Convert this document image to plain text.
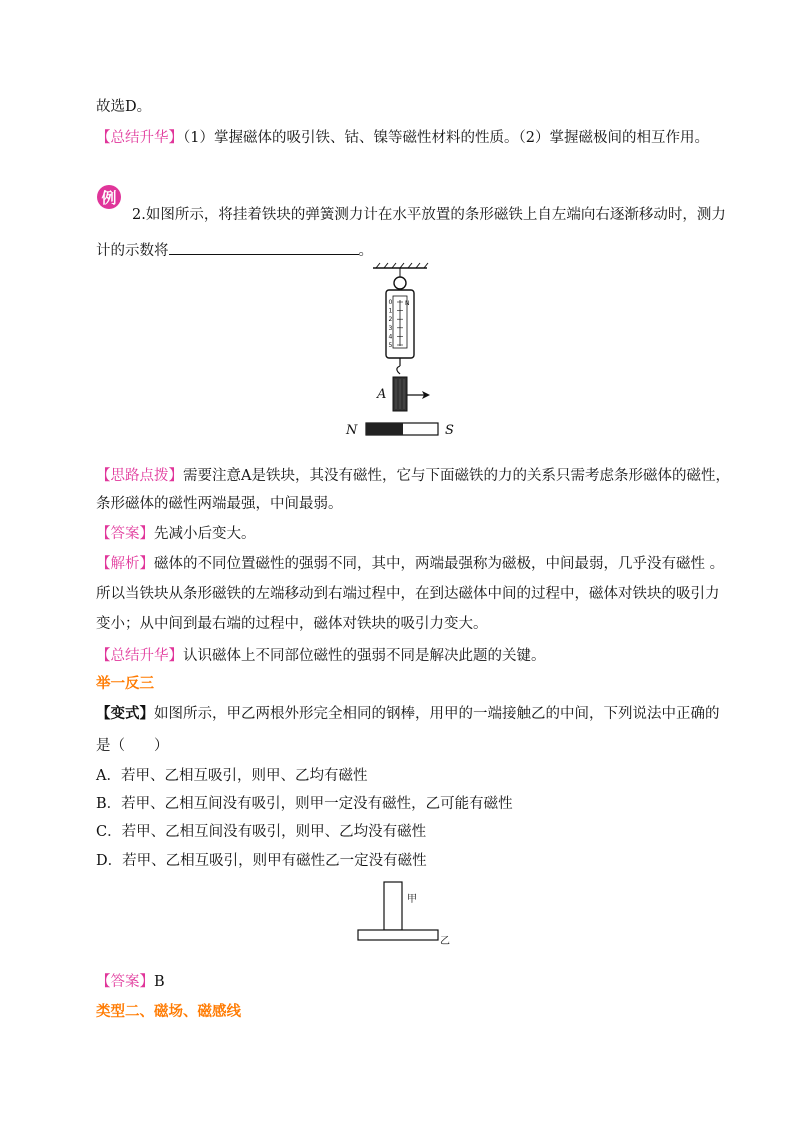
故选D。
【总结升华】（1）掌握磁体的吸引铁、钴、镍等磁性材料的性质。（2）掌握磁极间的相互作用。
例
2.如图所示，将挂着铁块的弹簧测力计在水平放置的条形磁铁上自左端向右逐渐移动时，测力
计的示数将	。
0
1
2
3
4
5
N
A
N	S
【思路点拨】需要注意A是铁块，其没有磁性，它与下面磁铁的力的关系只需考虑条形磁体的磁性，
条形磁体的磁性两端最强，中间最弱。
【答案】先减小后变大。
【解析】磁体的不同位置磁性的强弱不同，其中，两端最强称为磁极，中间最弱，几乎没有磁性 。
所以当铁块从条形磁铁的左端移动到右端过程中，在到达磁体中间的过程中，磁体对铁块的吸引力
变小；从中间到最右端的过程中，磁体对铁块的吸引力变大。
【总结升华】认识磁体上不同部位磁性的强弱不同是解决此题的关键。
举一反三
【变式】如图所示，甲乙两根外形完全相同的钢棒，用甲的一端接触乙的中间，下列说法中正确的
是（　　）
A．若甲、乙相互吸引，则甲、乙均有磁性
B．若甲、乙相互间没有吸引，则甲一定没有磁性，乙可能有磁性
C．若甲、乙相互间没有吸引，则甲、乙均没有磁性
D．若甲、乙相互吸引，则甲有磁性乙一定没有磁性
甲
乙
【答案】B
类型二、磁场、磁感线
